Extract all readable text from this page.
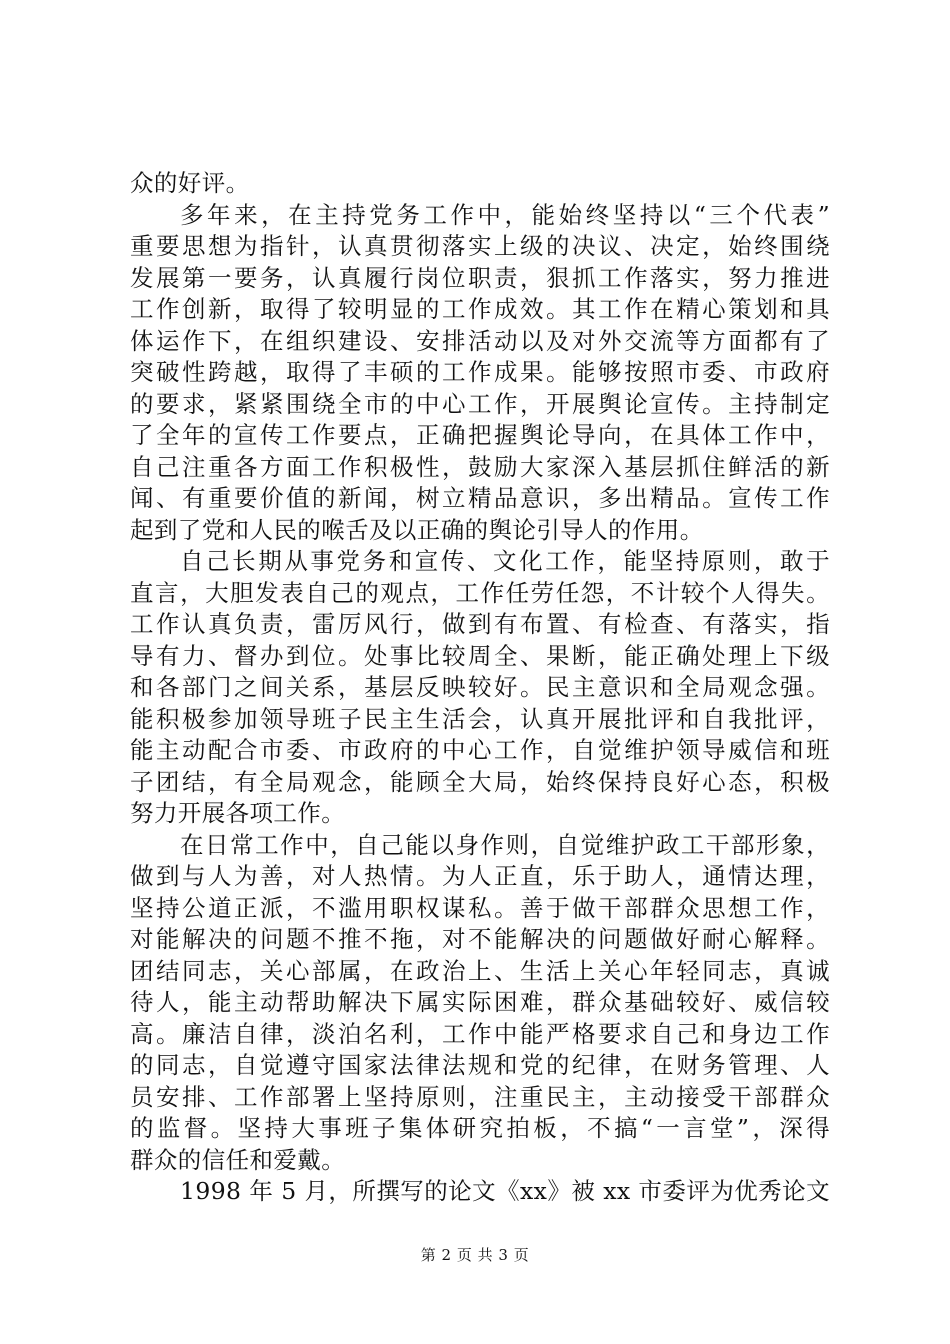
众的好评。
多年来，在主持党务工作中，能始终坚持以“三个代表”
重要思想为指针，认真贯彻落实上级的决议、决定，始终围绕
发展第一要务，认真履行岗位职责，狠抓工作落实，努力推进
工作创新，取得了较明显的工作成效。其工作在精心策划和具
体运作下，在组织建设、安排活动以及对外交流等方面都有了
突破性跨越，取得了丰硕的工作成果。能够按照市委、市政府
的要求，紧紧围绕全市的中心工作，开展舆论宣传。主持制定
了全年的宣传工作要点，正确把握舆论导向，在具体工作中，
自己注重各方面工作积极性，鼓励大家深入基层抓住鲜活的新
闻、有重要价值的新闻，树立精品意识，多出精品。宣传工作
起到了党和人民的喉舌及以正确的舆论引导人的作用。
自己长期从事党务和宣传、文化工作，能坚持原则，敢于
直言，大胆发表自己的观点，工作任劳任怨，不计较个人得失。
工作认真负责，雷厉风行，做到有布置、有检查、有落实，指
导有力、督办到位。处事比较周全、果断，能正确处理上下级
和各部门之间关系，基层反映较好。民主意识和全局观念强。
能积极参加领导班子民主生活会，认真开展批评和自我批评，
能主动配合市委、市政府的中心工作，自觉维护领导威信和班
子团结，有全局观念，能顾全大局，始终保持良好心态，积极
努力开展各项工作。
在日常工作中，自己能以身作则，自觉维护政工干部形象，
做到与人为善，对人热情。为人正直，乐于助人，通情达理，
坚持公道正派，不滥用职权谋私。善于做干部群众思想工作，
对能解决的问题不推不拖，对不能解决的问题做好耐心解释。
团结同志，关心部属，在政治上、生活上关心年轻同志，真诚
待人，能主动帮助解决下属实际困难，群众基础较好、威信较
高。廉洁自律，淡泊名利，工作中能严格要求自己和身边工作
的同志，自觉遵守国家法律法规和党的纪律，在财务管理、人
员安排、工作部署上坚持原则，注重民主，主动接受干部群众
的监督。坚持大事班子集体研究拍板，不搞“一言堂”，深得
群众的信任和爱戴。
1998 年 5 月，所撰写的论文《xx》被 xx 市委评为优秀论文
第 2 页 共 3 页
